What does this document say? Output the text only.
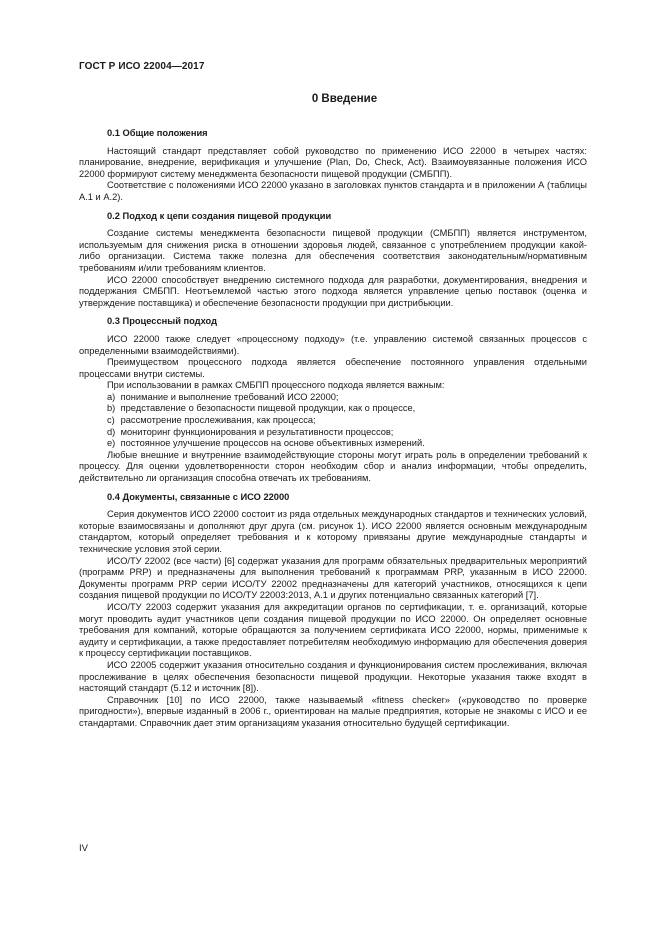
ГОСТ Р ИСО 22004—2017
0 Введение
0.1 Общие положения

Настоящий стандарт представляет собой руководство по применению ИСО 22000 в четырех частях: планирование, внедрение, верификация и улучшение (Plan, Do, Check, Act). Взаимоувязанные положения ИСО 22000 формируют систему менеджмента безопасности пищевой продукции (СМБПП).

Соответствие с положениями ИСО 22000 указано в заголовках пунктов стандарта и в приложении А (таблицы А.1 и А.2).

0.2 Подход к цепи создания пищевой продукции

Создание системы менеджмента безопасности пищевой продукции (СМБПП) является инструментом, используемым для снижения риска в отношении здоровья людей, связанное с употреблением продукции какой-либо организации. Система также полезна для обеспечения соответствия законодательным/нормативным требованиям и/или требованиям клиентов.

ИСО 22000 способствует внедрению системного подхода для разработки, документирования, внедрения и поддержания СМБПП. Неотъемлемой частью этого подхода является управление цепью поставок (оценка и утверждение поставщика) и обеспечение безопасности продукции при дистрибьюции.

0.3 Процессный подход

ИСО 22000 также следует «процессному подходу» (т.е. управлению системой связанных процессов с определенными взаимодействиями).

Преимуществом процессного подхода является обеспечение постоянного управления отдельными процессами внутри системы.

При использовании в рамках СМБПП процессного подхода является важным:

a) понимание и выполнение требований ИСО 22000;
b) представление о безопасности пищевой продукции, как о процессе,
c) рассмотрение прослеживания, как процесса;
d) мониторинг функционирования и результативности процессов;
e) постоянное улучшение процессов на основе объективных измерений.

Любые внешние и внутренние взаимодействующие стороны могут играть роль в определении требований к процессу. Для оценки удовлетворенности сторон необходим сбор и анализ информации, чтобы определить, действительно ли организация способна отвечать их требованиям.

0.4 Документы, связанные с ИСО 22000

Серия документов ИСО 22000 состоит из ряда отдельных международных стандартов и технических условий, которые взаимосвязаны и дополняют друг друга (см. рисунок 1). ИСО 22000 является основным международным стандартом, который определяет требования и к которому привязаны другие международные стандарты и технические условия этой серии.

ИСО/ТУ 22002 (все части) [6] содержат указания для программ обязательных предварительных мероприятий (программ PRP) и предназначены для выполнения требований к программам PRP, указанным в ИСО 22000. Документы программ PRP серии ИСО/ТУ 22002 предназначены для категорий участников, относящихся к цепи создания пищевой продукции по ИСО/ТУ 22003:2013, А.1 и других потенциально связанных категорий [7].

ИСО/ТУ 22003 содержит указания для аккредитации органов по сертификации, т. е. организаций, которые могут проводить аудит участников цепи создания пищевой продукции по ИСО 22000. Он определяет основные требования для компаний, которые обращаются за получением сертификата ИСО 22000, нормы, применимые к аудиту и сертификации, а также предоставляет потребителям необходимую информацию для обеспечения доверия к процессу сертификации поставщиков.

ИСО 22005 содержит указания относительно создания и функционирования систем прослеживания, включая прослеживание в целях обеспечения безопасности пищевой продукции. Некоторые указания также входят в настоящий стандарт (5.12 и источник [8]).

Справочник [10] по ИСО 22000, также называемый «fitness checker» («руководство по проверке пригодности»), впервые изданный в 2006 г., ориентирован на малые предприятия, которые не знакомы с ИСО и ее стандартами. Справочник дает этим организациям указания относительно будущей сертификации.

IV
